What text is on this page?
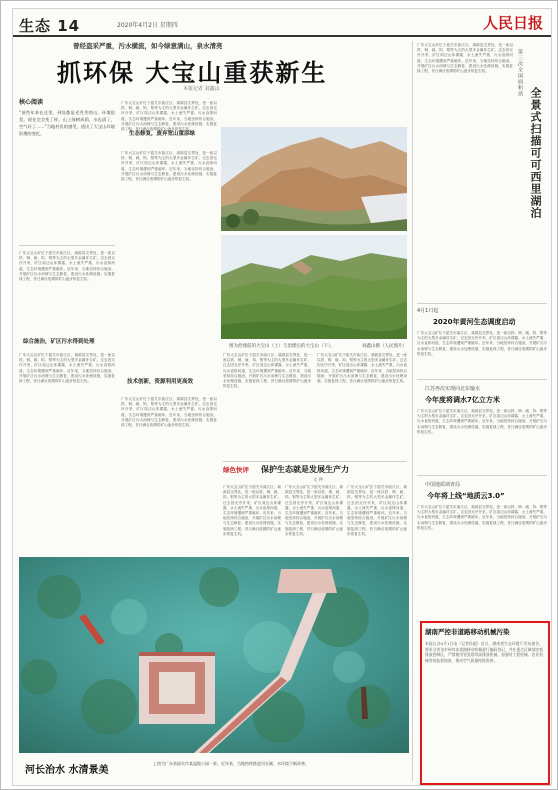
生态 14	2020年4月2日 星期四	人民日报
曾经盗采严重，污水横流，如今绿意满山，泉水清亮
抓环保 大宝山重获新生
本报记者 刘鑫山
核心阅读
“前些年来在这里，到处都是光秃秃的山，环境很差。现在完全变了样，山上绿树成荫，水也清了，空气好了……”当地村民的感受，道出了大宝山环境治理的变化。
广东大宝山矿位于韶关市曲江区、翁源县交界处，是一座以铁、铜、硫、钨、钼等为主的大型多金属伴生矿。过去因无序开采，矿区周边山体裸露，水土流失严重，污水直排河道，生态环境遭到严重破坏。近年来，当地坚持综合施治，开展矿区污水治理与生态修复，建设污水处理设施，实施复绿工程，昔日满目疮痍的矿山逐步恢复生机。
综合施治，矿区污水得到处理
广东大宝山矿位于韶关市曲江区、翁源县交界处，是一座以铁、铜、硫、钨、钼等为主的大型多金属伴生矿。过去因无序开采，矿区周边山体裸露，水土流失严重，污水直排河道，生态环境遭到严重破坏。近年来，当地坚持综合施治，开展矿区污水治理与生态修复，建设污水处理设施，实施复绿工程，昔日满目疮痍的矿山逐步恢复生机。
广东大宝山矿位于韶关市曲江区、翁源县交界处，是一座以铁、铜、硫、钨、钼等为主的大型多金属伴生矿。过去因无序开采，矿区周边山体裸露，水土流失严重，污水直排河道，生态环境遭到严重破坏。近年来，当地坚持综合施治，开展矿区污水治理与生态修复，建设污水处理设施，实施复绿工程，昔日满目疮痍的矿山逐步恢复生机。
生态修复，废弃宽山重添绿
广东大宝山矿位于韶关市曲江区、翁源县交界处，是一座以铁、铜、硫、钨、钼等为主的大型多金属伴生矿。过去因无序开采，矿区周边山体裸露，水土流失严重，污水直排河道，生态环境遭到严重破坏。近年来，当地坚持综合施治，开展矿区污水治理与生态修复，建设污水处理设施，实施复绿工程，昔日满目疮痍的矿山逐步恢复生机。
技术创新，资源利用更高效
广东大宝山矿位于韶关市曲江区、翁源县交界处，是一座以铁、铜、硫、钨、钼等为主的大型多金属伴生矿。过去因无序开采，矿区周边山体裸露，水土流失严重，污水直排河道，生态环境遭到严重破坏。近年来，当地坚持综合施治，开展矿区污水治理与生态修复，建设污水处理设施，实施复绿工程，昔日满目疮痍的矿山逐步恢复生机。
图为治理前的大宝山（上）与治理后的大宝山（下）。	刘鑫山摄（人民图片）
广东大宝山矿位于韶关市曲江区、翁源县交界处，是一座以铁、铜、硫、钨、钼等为主的大型多金属伴生矿。过去因无序开采，矿区周边山体裸露，水土流失严重，污水直排河道，生态环境遭到严重破坏。近年来，当地坚持综合施治，开展矿区污水治理与生态修复，建设污水处理设施，实施复绿工程，昔日满目疮痍的矿山逐步恢复生机。
广东大宝山矿位于韶关市曲江区、翁源县交界处，是一座以铁、铜、硫、钨、钼等为主的大型多金属伴生矿。过去因无序开采，矿区周边山体裸露，水土流失严重，污水直排河道，生态环境遭到严重破坏。近年来，当地坚持综合施治，开展矿区污水治理与生态修复，建设污水处理设施，实施复绿工程，昔日满目疮痍的矿山逐步恢复生机。
绿色快评 保护生态就是发展生产力
文 仲
广东大宝山矿位于韶关市曲江区、翁源县交界处，是一座以铁、铜、硫、钨、钼等为主的大型多金属伴生矿。过去因无序开采，矿区周边山体裸露，水土流失严重，污水直排河道，生态环境遭到严重破坏。近年来，当地坚持综合施治，开展矿区污水治理与生态修复，建设污水处理设施，实施复绿工程，昔日满目疮痍的矿山逐步恢复生机。
广东大宝山矿位于韶关市曲江区、翁源县交界处，是一座以铁、铜、硫、钨、钼等为主的大型多金属伴生矿。过去因无序开采，矿区周边山体裸露，水土流失严重，污水直排河道，生态环境遭到严重破坏。近年来，当地坚持综合施治，开展矿区污水治理与生态修复，建设污水处理设施，实施复绿工程，昔日满目疮痍的矿山逐步恢复生机。
广东大宝山矿位于韶关市曲江区、翁源县交界处，是一座以铁、铜、硫、钨、钼等为主的大型多金属伴生矿。过去因无序开采，矿区周边山体裸露，水土流失严重，污水直排河道，生态环境遭到严重破坏。近年来，当地坚持综合施治，开展矿区污水治理与生态修复，建设污水处理设施，实施复绿工程，昔日满目疮痍的矿山逐步恢复生机。
第三次全国面积消
全景式扫描可可西里湖泊
广东大宝山矿位于韶关市曲江区、翁源县交界处，是一座以铁、铜、硫、钨、钼等为主的大型多金属伴生矿。过去因无序开采，矿区周边山体裸露，水土流失严重，污水直排河道，生态环境遭到严重破坏。近年来，当地坚持综合施治，开展矿区污水治理与生态修复，建设污水处理设施，实施复绿工程，昔日满目疮痍的矿山逐步恢复生机。
4月1日起
2020年黄河生态调度启动
广东大宝山矿位于韶关市曲江区、翁源县交界处，是一座以铁、铜、硫、钨、钼等为主的大型多金属伴生矿。过去因无序开采，矿区周边山体裸露，水土流失严重，污水直排河道，生态环境遭到严重破坏。近年来，当地坚持综合施治，开展矿区污水治理与生态修复，建设污水处理设施，实施复绿工程，昔日满目疮痍的矿山逐步恢复生机。
江苏再次实现向北东输水
今年度将调水7亿立方米
广东大宝山矿位于韶关市曲江区、翁源县交界处，是一座以铁、铜、硫、钨、钼等为主的大型多金属伴生矿。过去因无序开采，矿区周边山体裸露，水土流失严重，污水直排河道，生态环境遭到严重破坏。近年来，当地坚持综合施治，开展矿区污水治理与生态修复，建设污水处理设施，实施复绿工程，昔日满目疮痍的矿山逐步恢复生机。
中国地质调查局
今年将上线“地质云3.0”
广东大宝山矿位于韶关市曲江区、翁源县交界处，是一座以铁、铜、硫、钨、钼等为主的大型多金属伴生矿。过去因无序开采，矿区周边山体裸露，水土流失严重，污水直排河道，生态环境遭到严重破坏。近年来，当地坚持综合施治，开展矿区污水治理与生态修复，建设污水处理设施，实施复绿工程，昔日满目疮痍的矿山逐步恢复生机。
湖南严控非道路移动机械污染
本报长沙4月1日电（记者孙超）近日，湖南省生态环境厅发布通告，要求全省各市州对非道路移动机械进行编码登记，并在重点区域划定低排放控制区，严禁使用冒黑烟等高排放机械，加强对工程机械、农业机械等的监督抽查，推动空气质量持续改善。
河长治水 水清景美
上图为广东省韶关市某湿地公园一景。近年来，当地持续推进河长制，水环境不断改善。
